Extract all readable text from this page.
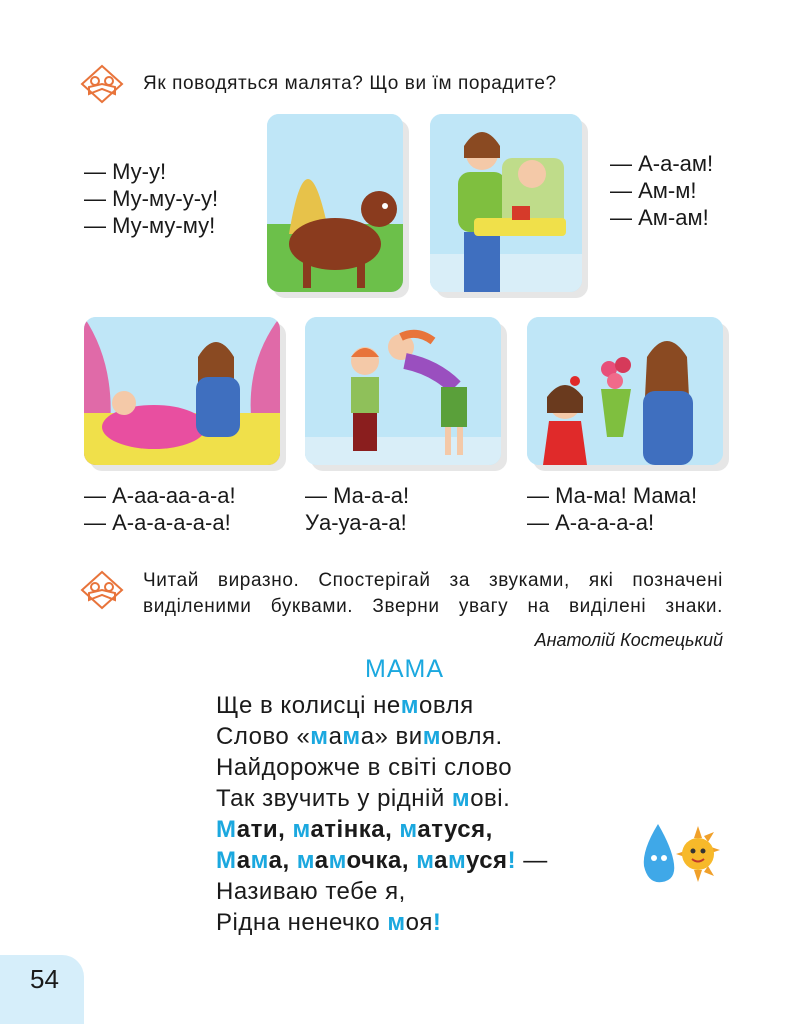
Як поводяться малята? Що ви їм порадите?
— Му-у!
— Му-му-у-у!
— Му-му-му!
— А-а-ам!
— Ам-м!
— Ам-ам!
— А-аа-аа-а-а!
— А-а-а-а-а-а!
— Ма-а-а!
Уа-уа-а-а!
— Ма-ма! Мама!
— А-а-а-а-а!
Читай виразно. Спостерігай за звуками, які позначені
виділеними буквами. Зверни увагу на виділені знаки.
Анатолій Костецький
МАМА
Ще в колисці немовля
Слово «мама» вимовля.
Найдорожче в світі слово
Так звучить у рідній мові.
Мати, матінка, матуся,
Мама, мамочка, мамуся! —
Називаю тебе я,
Рідна ненечко моя!
54
